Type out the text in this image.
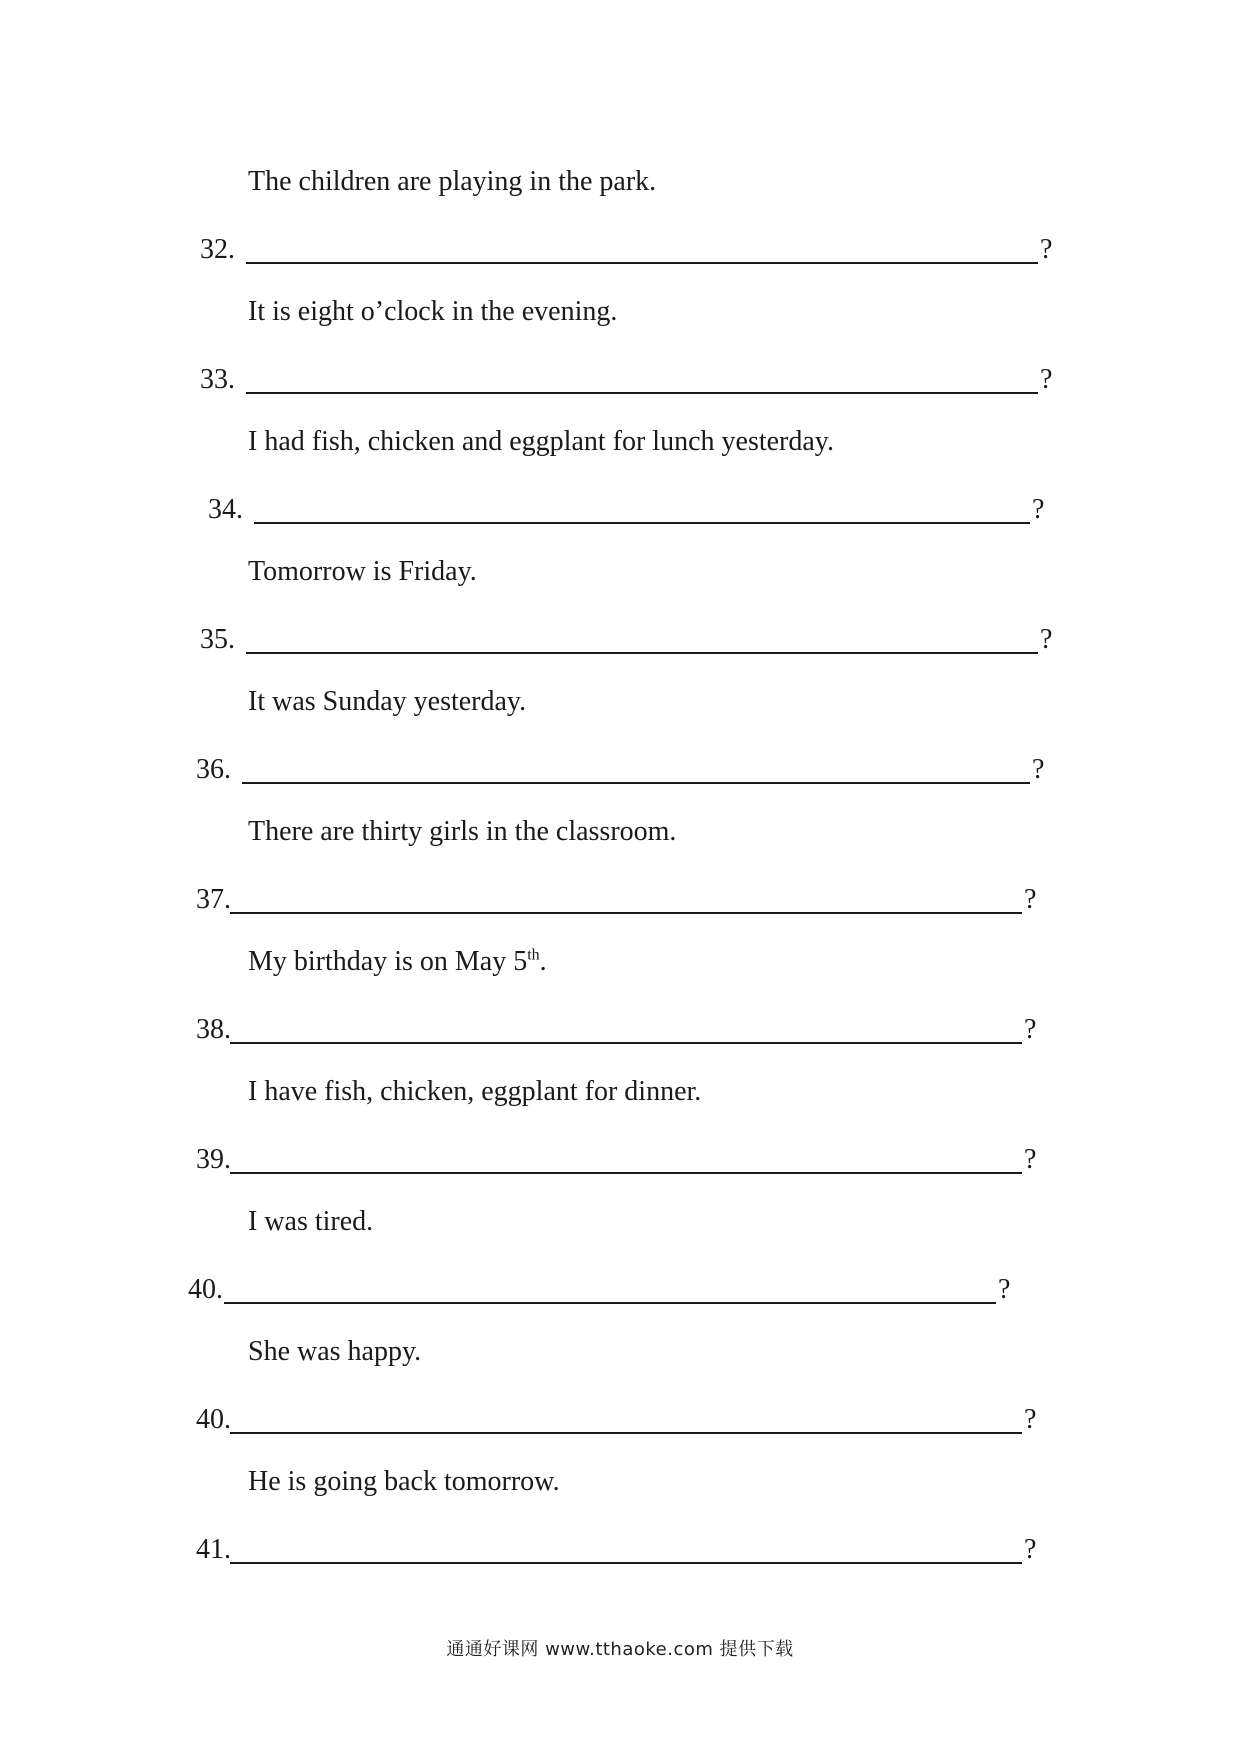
The children are playing in the park.
32.	?
It is eight o’clock in the evening.
33.	?
I had fish, chicken and eggplant for lunch yesterday.
34.	?
Tomorrow is Friday.
35.	?
It was Sunday yesterday.
36.	?
There are thirty girls in the classroom.
37.	?
My birthday is on May 5th.
38.	?
I have fish, chicken, eggplant for dinner.
39.	?
I was tired.
40.	?
She was happy.
40.	?
He is going back tomorrow.
41.	?
通通好课网 www.tthaoke.com 提供下载
